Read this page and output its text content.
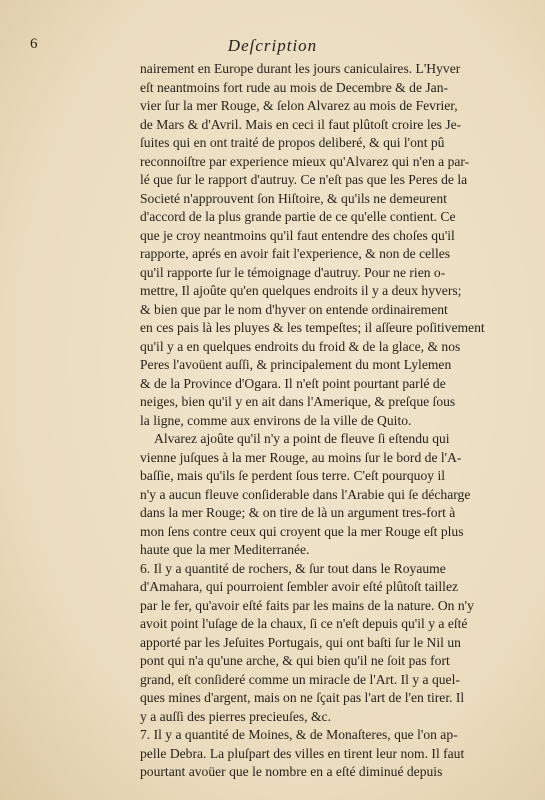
6	Deſcription
nairement en Europe durant les jours caniculaires. L'Hyver
eſt neantmoins fort rude au mois de Decembre & de Jan-
vier ſur la mer Rouge, & ſelon Alvarez au mois de Fevrier,
de Mars & d'Avril. Mais en ceci il faut plûtoſt croire les Je-
ſuites qui en ont traité de propos deliberé, & qui l'ont pû
reconnoiſtre par experience mieux qu'Alvarez qui n'en a par-
lé que ſur le rapport d'autruy. Ce n'eſt pas que les Peres de la
Societé n'approuvent ſon Hiſtoire, & qu'ils ne demeurent
d'accord de la plus grande partie de ce qu'elle contient. Ce
que je croy neantmoins qu'il faut entendre des choſes qu'il
rapporte, aprés en avoir fait l'experience, & non de celles
qu'il rapporte ſur le témoignage d'autruy. Pour ne rien o-
mettre, Il ajoûte qu'en quelques endroits il y a deux hyvers;
& bien que par le nom d'hyver on entende ordinairement
en ces pais là les pluyes & les tempeſtes; il aſſeure poſitivement
qu'il y a en quelques endroits du froid & de la glace, & nos
Peres l'avoüent auſſi, & principalement du mont Lylemen
& de la Province d'Ogara. Il n'eſt point pourtant parlé de
neiges, bien qu'il y en ait dans l'Amerique, & preſque ſous
la ligne, comme aux environs de la ville de Quito.
Alvarez ajoûte qu'il n'y a point de fleuve ſi eſtendu qui
vienne juſques à la mer Rouge, au moins ſur le bord de l'A-
baſſie, mais qu'ils ſe perdent ſous terre. C'eſt pourquoy il
n'y a aucun fleuve conſiderable dans l'Arabie qui ſe décharge
dans la mer Rouge; & on tire de là un argument tres-fort à
mon ſens contre ceux qui croyent que la mer Rouge eſt plus
haute que la mer Mediterranée.
6. Il y a quantité de rochers, & ſur tout dans le Royaume
d'Amahara, qui pourroient ſembler avoir eſté plûtoſt taillez
par le fer, qu'avoir eſté faits par les mains de la nature. On n'y
avoit point l'uſage de la chaux, ſi ce n'eſt depuis qu'il y a eſté
apporté par les Jeſuites Portugais, qui ont baſti ſur le Nil un
pont qui n'a qu'une arche, & qui bien qu'il ne ſoit pas fort
grand, eſt conſideré comme un miracle de l'Art. Il y a quel-
ques mines d'argent, mais on ne ſçait pas l'art de l'en tirer. Il
y a auſſi des pierres precieuſes, &c.
7. Il y a quantité de Moines, & de Monaſteres, que l'on ap-
pelle Debra. La pluſpart des villes en tirent leur nom. Il faut
pourtant avoüer que le nombre en a eſté diminué depuis
